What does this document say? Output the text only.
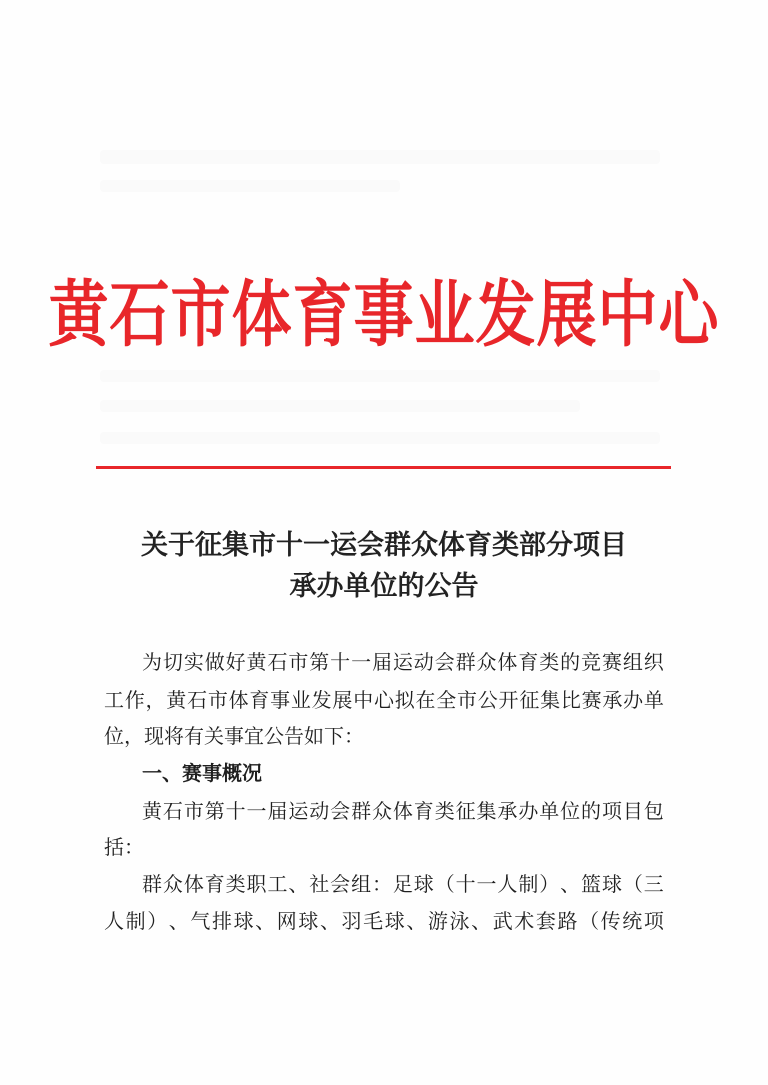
黄石市体育事业发展中心
关于征集市十一运会群众体育类部分项目
承办单位的公告
为 切 实 做 好 黄 石 市 第 十 一 届 运 动 会 群 众 体 育 类 的 竞 赛 组 织
工 作 ， 黄 石 市 体 育 事 业 发 展 中 心 拟 在 全 市 公 开 征 集 比 赛 承 办 单
位，现将有关事宜公告如下：
一、赛事概况
黄 石 市 第 十 一 届 运 动 会 群 众 体 育 类 征 集 承 办 单 位 的 项 目 包
括：
群 众 体 育 类 职 工 、 社 会 组 ： 足 球 （ 十 一 人 制 ） 、 篮 球 （ 三
人 制 ） 、 气 排 球 、 网 球 、 羽 毛 球 、 游 泳 、 武 术 套 路 （ 传 统 项
